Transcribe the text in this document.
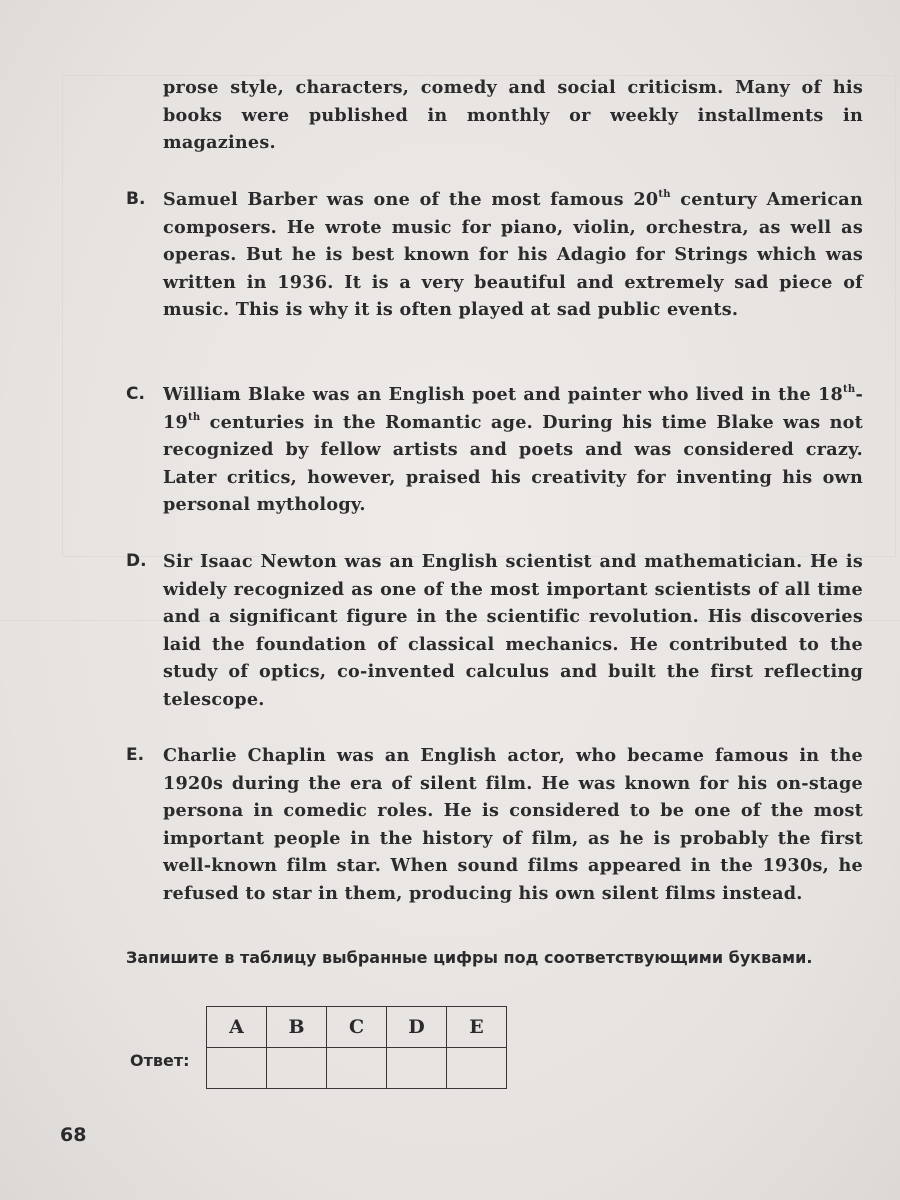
prose style, characters, comedy and social criticism. Many of his books were published in monthly or weekly installments in magazines.
B. Samuel Barber was one of the most famous 20th century American composers. He wrote music for piano, violin, orchestra, as well as operas. But he is best known for his Adagio for Strings which was written in 1936. It is a very beautiful and extremely sad piece of music. This is why it is often played at sad public events.
C.	William Blake was an English poet and painter who lived in the 18th-19th centuries in the Romantic age. During his time Blake was not recognized by fellow artists and poets and was considered crazy. Later critics, however, praised his creativity for inventing his own personal mythology.
D. Sir Isaac Newton was an English scientist and mathematician. He is widely recognized as one of the most important scientists of all time and a significant figure in the scientific revolution. His discoveries laid the foundation of classical mechanics. He contributed to the study of optics, co-invented calculus and built the first reflecting telescope.
E.	Charlie Chaplin was an English actor, who became famous in the 1920s during the era of silent film. He was known for his on-stage persona in comedic roles. He is considered to be one of the most important people in the history of film, as he is probably the first well-known film star. When sound films appeared in the 1930s, he refused to star in them, producing his own silent films instead.
Запишите в таблицу выбранные цифры под соответствующими буквами.
Ответ:
A	B	C	D	E

68
